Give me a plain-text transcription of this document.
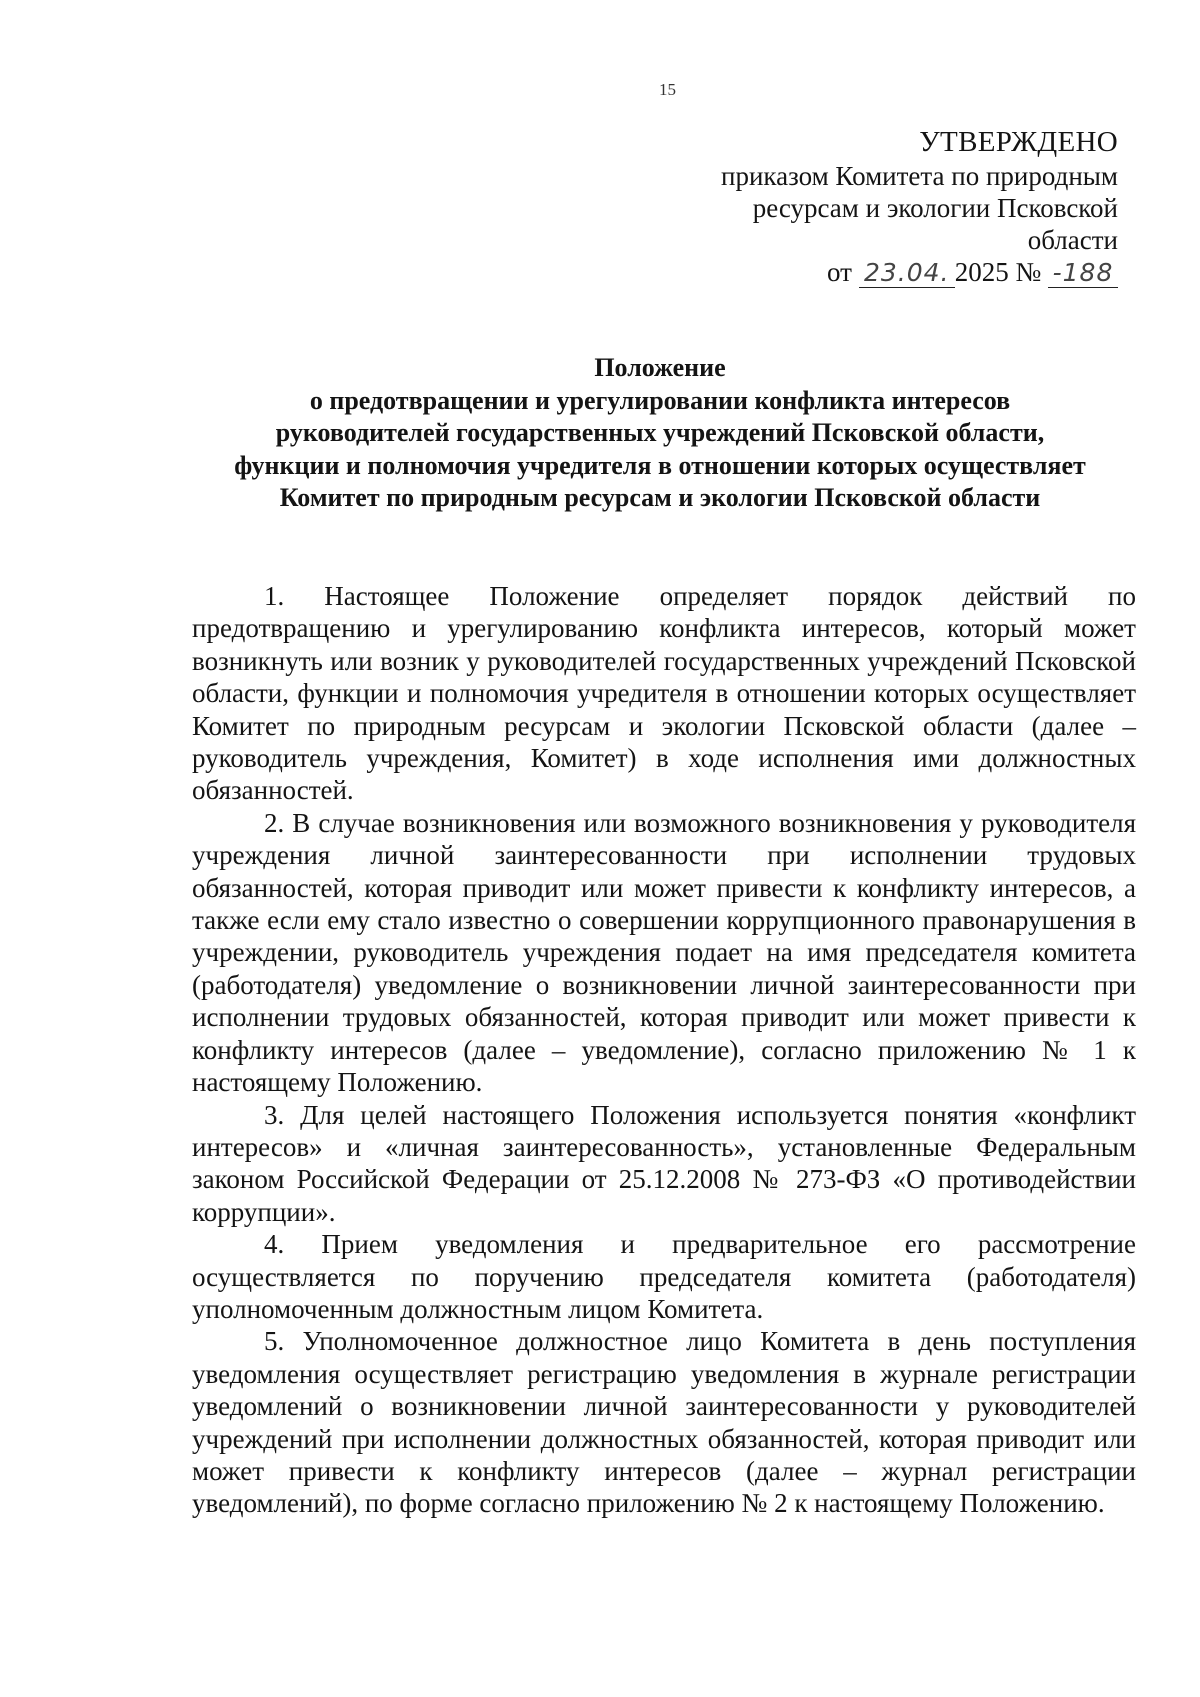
15
УТВЕРЖДЕНО
приказом Комитета по природным
ресурсам и экологии Псковской
области
от 23.04. 2025 № -188
Положение
о предотвращении и урегулировании конфликта интересов
руководителей государственных учреждений Псковской области,
функции и полномочия учредителя в отношении которых осуществляет
Комитет по природным ресурсам и экологии Псковской области

1. Настоящее Положение определяет порядок действий по предотвращению и урегулированию конфликта интересов, который может возникнуть или возник у руководителей государственных учреждений Псковской области, функции и полномочия учредителя в отношении которых осуществляет Комитет по природным ресурсам и экологии Псковской области (далее –руководитель учреждения, Комитет) в ходе исполнения ими должностных обязанностей.

2. В случае возникновения или возможного возникновения у руководителя учреждения личной заинтересованности при исполнении трудовых обязанностей, которая приводит или может привести к конфликту интересов, а также если ему стало известно о совершении коррупционного правонарушения в учреждении, руководитель учреждения подает на имя председателя комитета (работодателя) уведомление о возникновении личной заинтересованности при исполнении трудовых обязанностей, которая приводит или может привести к конфликту интересов (далее – уведомление), согласно приложению № 1 к настоящему Положению.

3. Для целей настоящего Положения используется понятия «конфликт интересов» и «личная заинтересованность», установленные Федеральным законом Российской Федерации от 25.12.2008 № 273-ФЗ «О противодействии коррупции».

4. Прием уведомления и предварительное его рассмотрение осуществляется по поручению председателя комитета (работодателя) уполномоченным должностным лицом Комитета.

5. Уполномоченное должностное лицо Комитета в день поступления уведомления осуществляет регистрацию уведомления в журнале регистрации уведомлений о возникновении личной заинтересованности у руководителей учреждений при исполнении должностных обязанностей, которая приводит или может привести к конфликту интересов (далее – журнал регистрации уведомлений), по форме согласно приложению № 2 к настоящему Положению.
